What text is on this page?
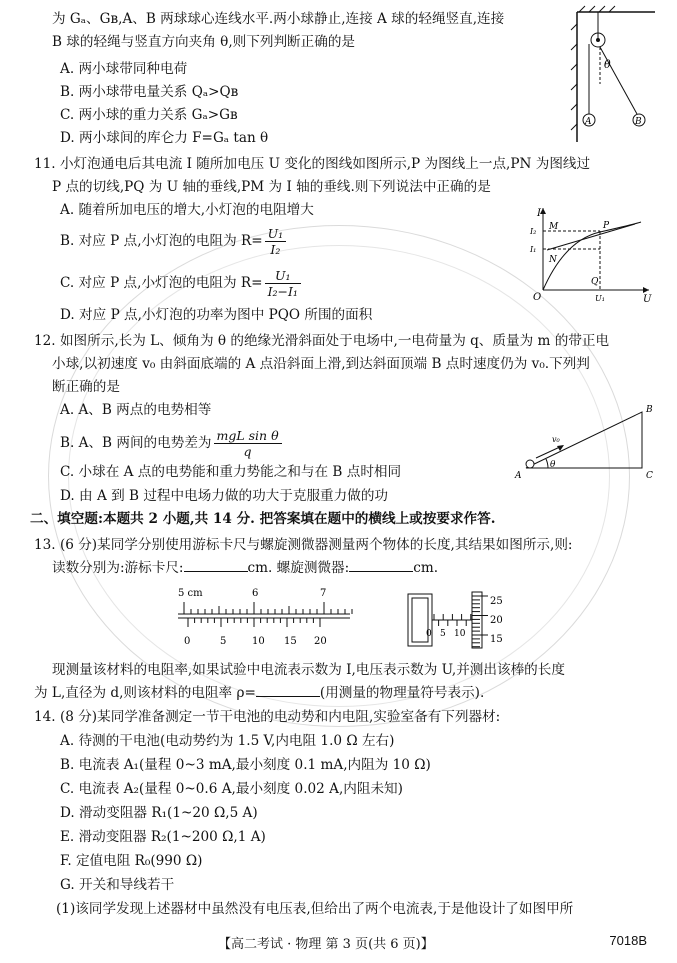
为 Gₐ、Gʙ,A、B 两球球心连线水平.两小球静止,连接 A 球的轻绳竖直,连接
B 球的轻绳与竖直方向夹角 θ,则下列判断正确的是
A. 两小球带同种电荷
B. 两小球带电量关系 Qₐ>Qʙ
C. 两小球的重力关系 Gₐ>Gʙ
D. 两小球间的库仑力 F=Gₐ tan θ
θ
A	B
11. 小灯泡通电后其电流 I 随所加电压 U 变化的图线如图所示,P 为图线上一点,PN 为图线过
P 点的切线,PQ 为 U 轴的垂线,PM 为 I 轴的垂线.则下列说法中正确的是
A. 随着所加电压的增大,小灯泡的电阻增大
B. 对应 P 点,小灯泡的电阻为 $R= \frac{\text{U₁}}{\text{I₂}}$
C. 对应 P 点,小灯泡的电阻为 $R= \frac{\text{U₁}}{\text{I₂−I₁}}$
D. 对应 P 点,小灯泡的功率为图中 PQO 所围的面积
I
U
O
M	P
N
Q
I₂
I₁
U₁
12. 如图所示,长为 L、倾角为 θ 的绝缘光滑斜面处于电场中,一电荷量为 q、质量为 m 的带正电
小球,以初速度 v₀ 由斜面底端的 A 点沿斜面上滑,到达斜面顶端 B 点时速度仍为 v₀.下列判
断正确的是
A. A、B 两点的电势相等
B. A、B 两间的电势差为 $\frac{\text{mgL sin θ}}{q}$
C. 小球在 A 点的电势能和重力势能之和与在 B 点时相同
D. 由 A 到 B 过程中电场力做的功大于克服重力做的功
v₀
θ
A
B
C
二、填空题:本题共 2 小题,共 14 分. 把答案填在题中的横线上或按要求作答.
13. (6 分)某同学分别使用游标卡尺与螺旋测微器测量两个物体的长度,其结果如图所示,则:
读数分别为:游标卡尺:	cm. 螺旋测微器:	cm.
5 cm	6	7
0	5	10 15 20
0 5 10
25
20
15
现测量该材料的电阻率,如果试验中电流表示数为 I,电压表示数为 U,并测出该棒的长度
为 L,直径为 d,则该材料的电阻率 ρ=	(用测量的物理量符号表示).
14. (8 分)某同学准备测定一节干电池的电动势和内电阻,实验室备有下列器材:
A. 待测的干电池(电动势约为 1.5 V,内电阻 1.0 Ω 左右)
B. 电流表 A₁(量程 0~3 mA,最小刻度 0.1 mA,内阻为 10 Ω)
C. 电流表 A₂(量程 0~0.6 A,最小刻度 0.02 A,内阻未知)
D. 滑动变阻器 R₁(1~20 Ω,5 A)
E. 滑动变阻器 R₂(1~200 Ω,1 A)
F. 定值电阻 R₀(990 Ω)
G. 开关和导线若干
(1)该同学发现上述器材中虽然没有电压表,但给出了两个电流表,于是他设计了如图甲所
【高二考试 · 物理 第 3 页(共 6 页)】	7018B
